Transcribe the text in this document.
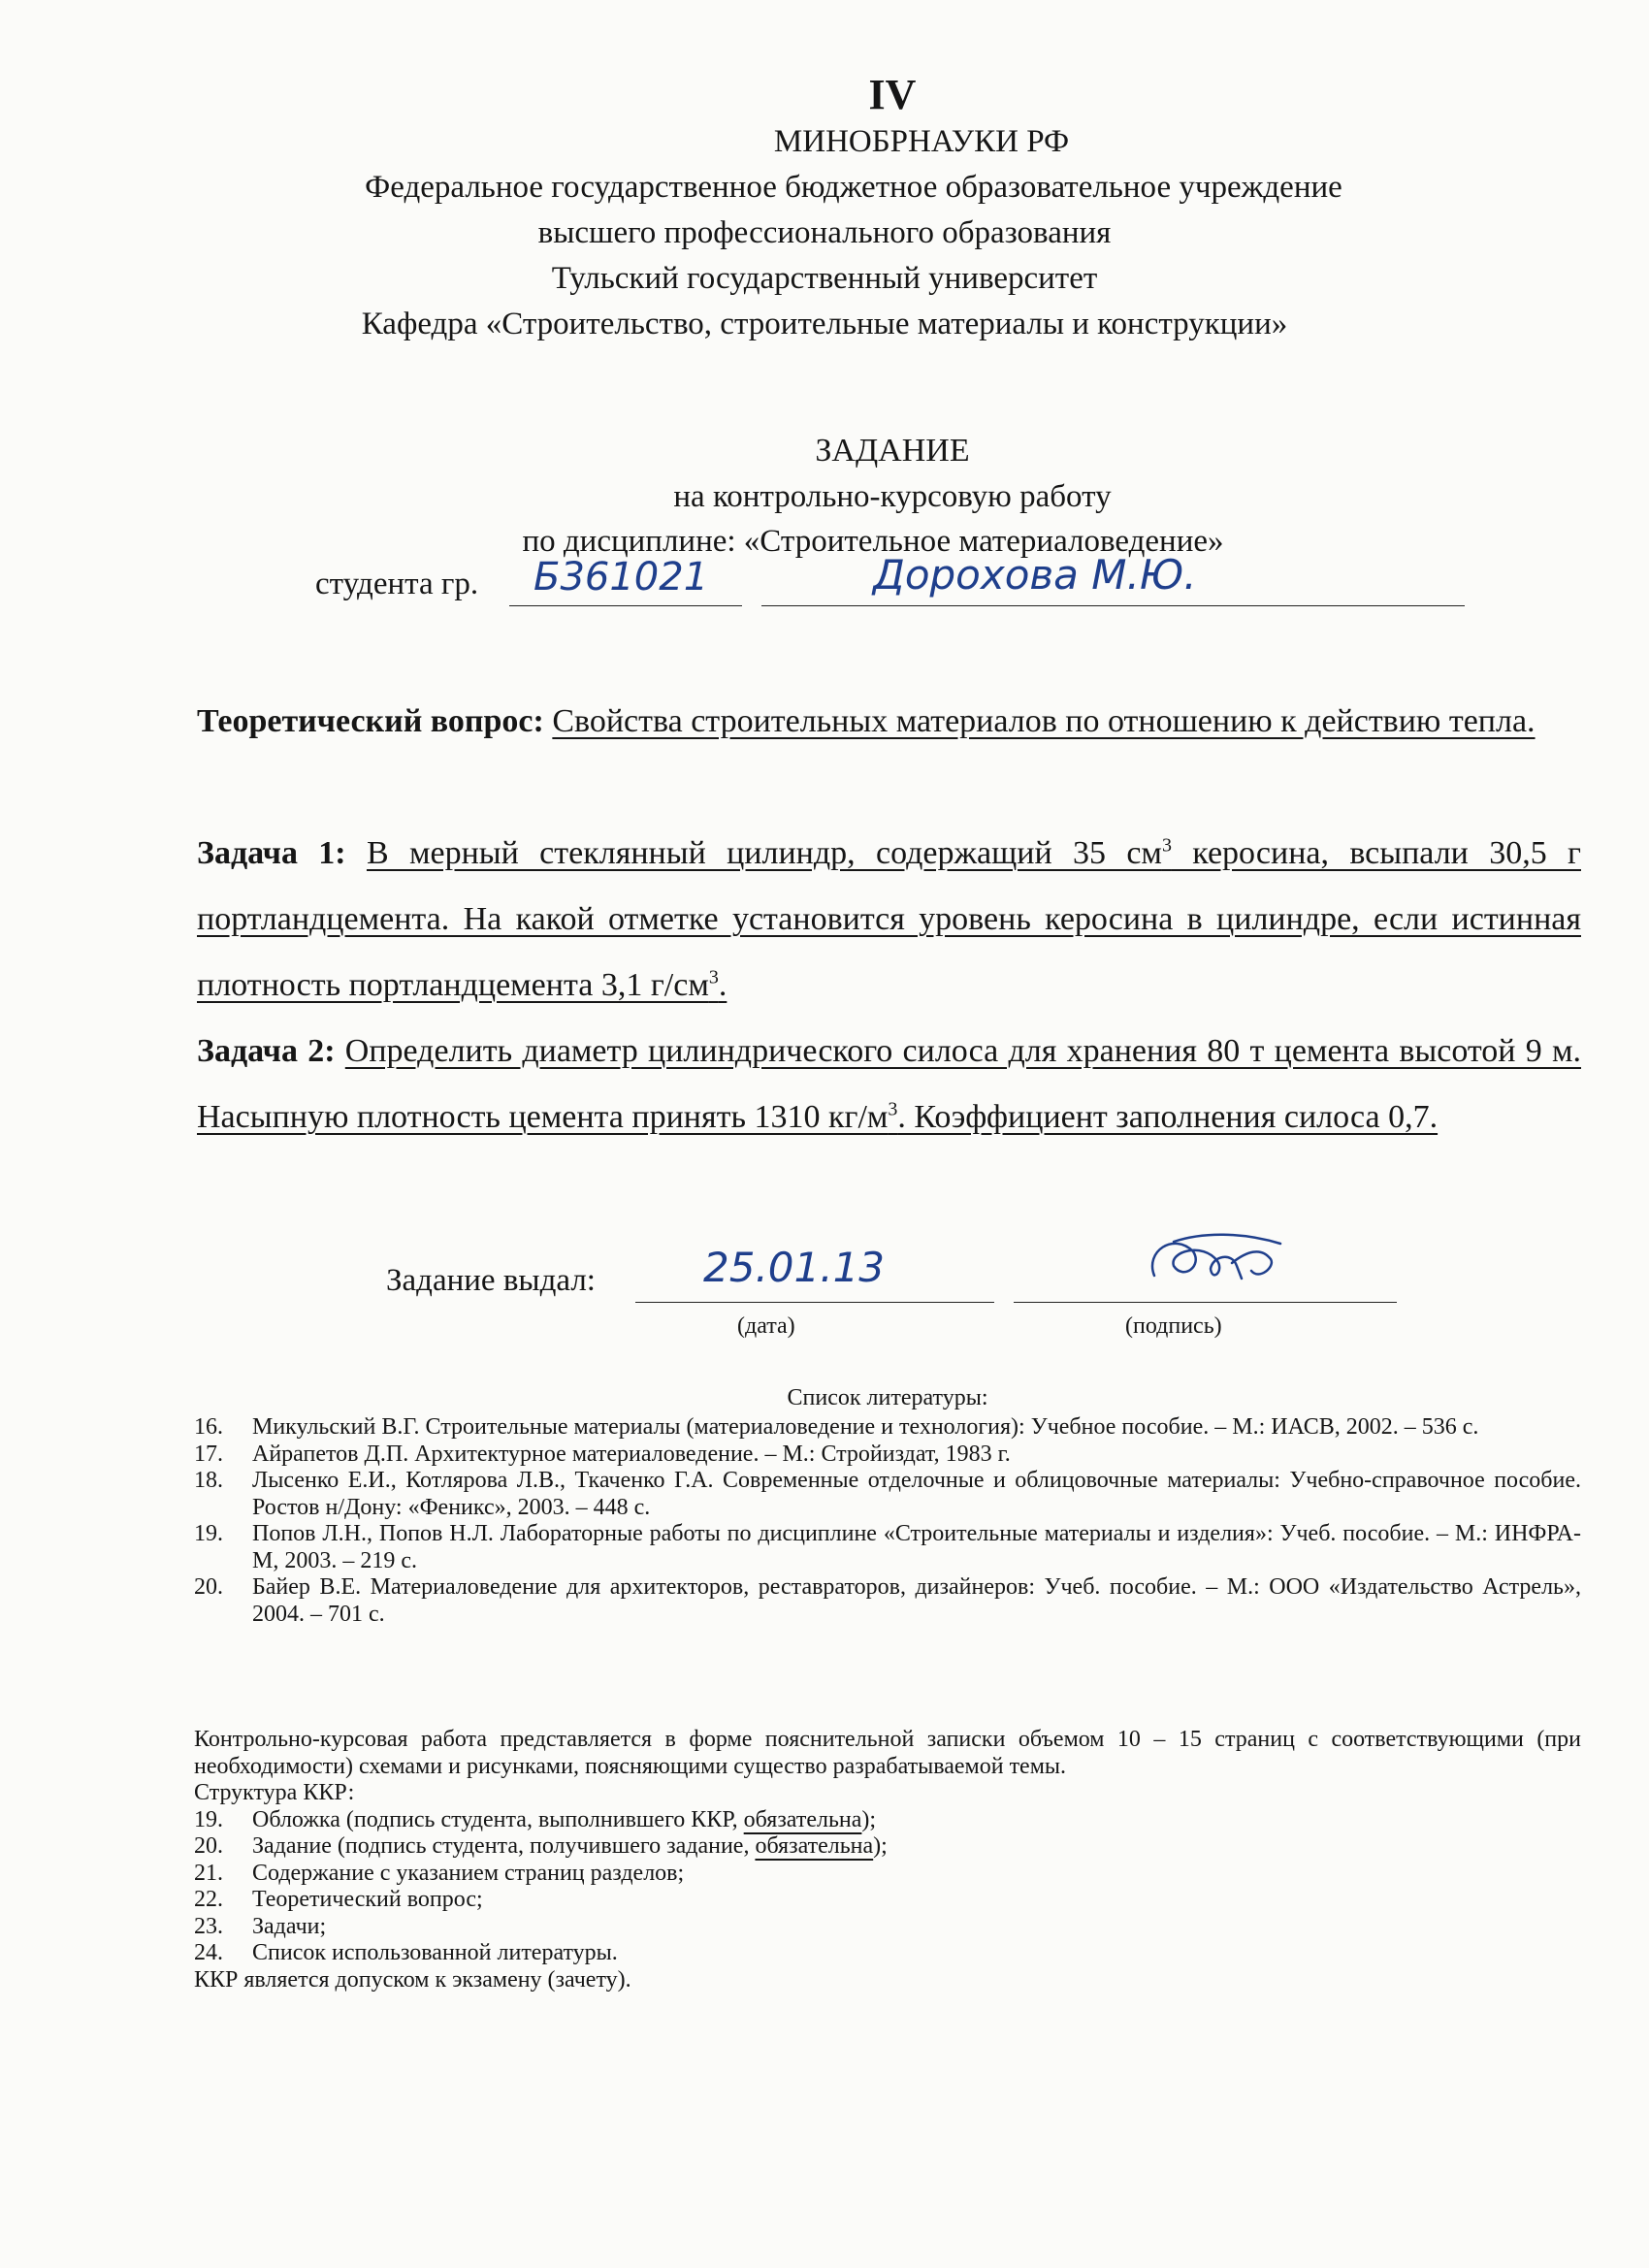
IV
МИНОБРНАУКИ РФ
Федеральное государственное бюджетное образовательное учреждение
высшего профессионального образования
Тульский государственный университет
Кафедра «Строительство, строительные материалы и конструкции»
ЗАДАНИЕ
на контрольно-курсовую работу
по дисциплине: «Строительное материаловедение»
студента гр. Б361021	Дорохова М.Ю.
Теоретический вопрос: Свойства строительных материалов по отношению к действию тепла.
Задача 1: В мерный стеклянный цилиндр, содержащий 35 $см^3$ керосина, всыпали 30,5 г портландцемента. На какой отметке установится уровень керосина в цилиндре, если истинная плотность портландцемента 3,1 $г/см^3$.
Задача 2: Определить диаметр цилиндрического силоса для хранения 80 т цемента высотой 9 м. Насыпную плотность цемента принять 1310 $кг/м^3$. Коэффициент заполнения силоса 0,7.
Задание выдал:	25.01.13
(дата)	(подпись)
Список литературы:
16.	Микульский В.Г. Строительные материалы (материаловедение и технология): Учебное пособие. – М.: ИАСВ, 2002. – 536 с.
17.	Айрапетов Д.П. Архитектурное материаловедение. – М.: Стройиздат, 1983 г.
18.	Лысенко Е.И., Котлярова Л.В., Ткаченко Г.А. Современные отделочные и облицовочные материалы: Учебно-справочное пособие. Ростов н/Дону: «Феникс», 2003. – 448 с.
19.	Попов Л.Н., Попов Н.Л. Лабораторные работы по дисциплине «Строительные материалы и изделия»: Учеб. пособие. – М.: ИНФРА-М, 2003. – 219 с.
20.	Байер В.Е. Материаловедение для архитекторов, реставраторов, дизайнеров: Учеб. пособие. – М.: ООО «Издательство Астрель», 2004. – 701 с.
Контрольно-курсовая работа представляется в форме пояснительной записки объемом 10 – 15 страниц с соответствующими (при необходимости) схемами и рисунками, поясняющими существо разрабатываемой темы.
Структура ККР:
19.	Обложка (подпись студента, выполнившего ККР, обязательна);
20.	Задание (подпись студента, получившего задание, обязательна);
21.	Содержание с указанием страниц разделов;
22.	Теоретический вопрос;
23.	Задачи;
24.	Список использованной литературы.
ККР является допуском к экзамену (зачету).
